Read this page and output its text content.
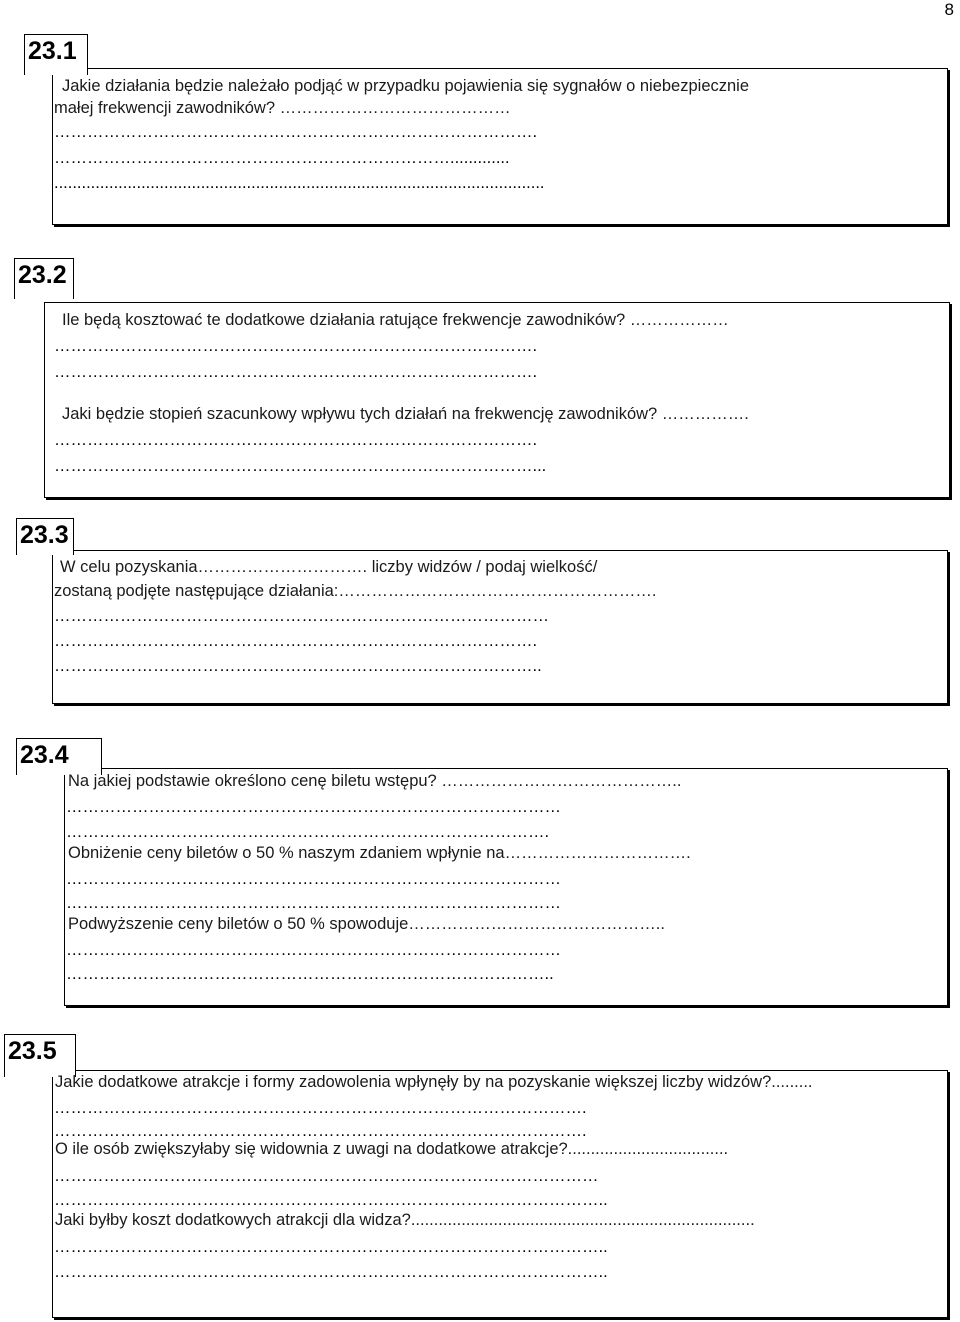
8
23.1
Jakie działania będzie należało podjąć w przypadku pojawienia się sygnałów o niebezpiecznie
małej frekwencji zawodników? ……………………………………
…………………………………………………………………………….
……………………………………………………………….............
...........................................................................................................
23.2
Ile będą kosztować te dodatkowe działania ratujące frekwencje zawodników? ………………
…………………………………………………………………………….
…………………………………………………………………………….
Jaki będzie stopień szacunkowy wpływu tych działań na frekwencję zawodników? …………….
…………………………………………………………………………….
……………………………………………………………………………...
23.3
W celu pozyskania…………………………. liczby widzów / podaj wielkość/
zostaną podjęte następujące działania:………………………………………………….
………………………………………………………………………………
…………………………………………………………………………….
……………………………………………………………………………..
23.4
Na jakiej podstawie określono cenę biletu wstępu? ……………………………………..
………………………………………………………………………………
…………………………………………………………………………….
Obniżenie ceny biletów o 50 % naszym zdaniem wpłynie na…………………………….
………………………………………………………………………………
………………………………………………………………………………
Podwyższenie ceny biletów o 50 % spowoduje………………………………………..
………………………………………………………………………………
……………………………………………………………………………..
23.5
Jakie dodatkowe atrakcje i formy zadowolenia wpłynęły by na pozyskanie większej liczby widzów?.........
…………………………………………………………………………………….
…………………………………………………………………………………….
O ile osób zwiększyłaby się widownia z uwagi na dodatkowe atrakcje?...................................
………………………………………………………………………………………
………………………………………………………………………………………..
Jaki byłby koszt dodatkowych atrakcji dla widza?...........................................................................
………………………………………………………………………………………..
………………………………………………………………………………………..
